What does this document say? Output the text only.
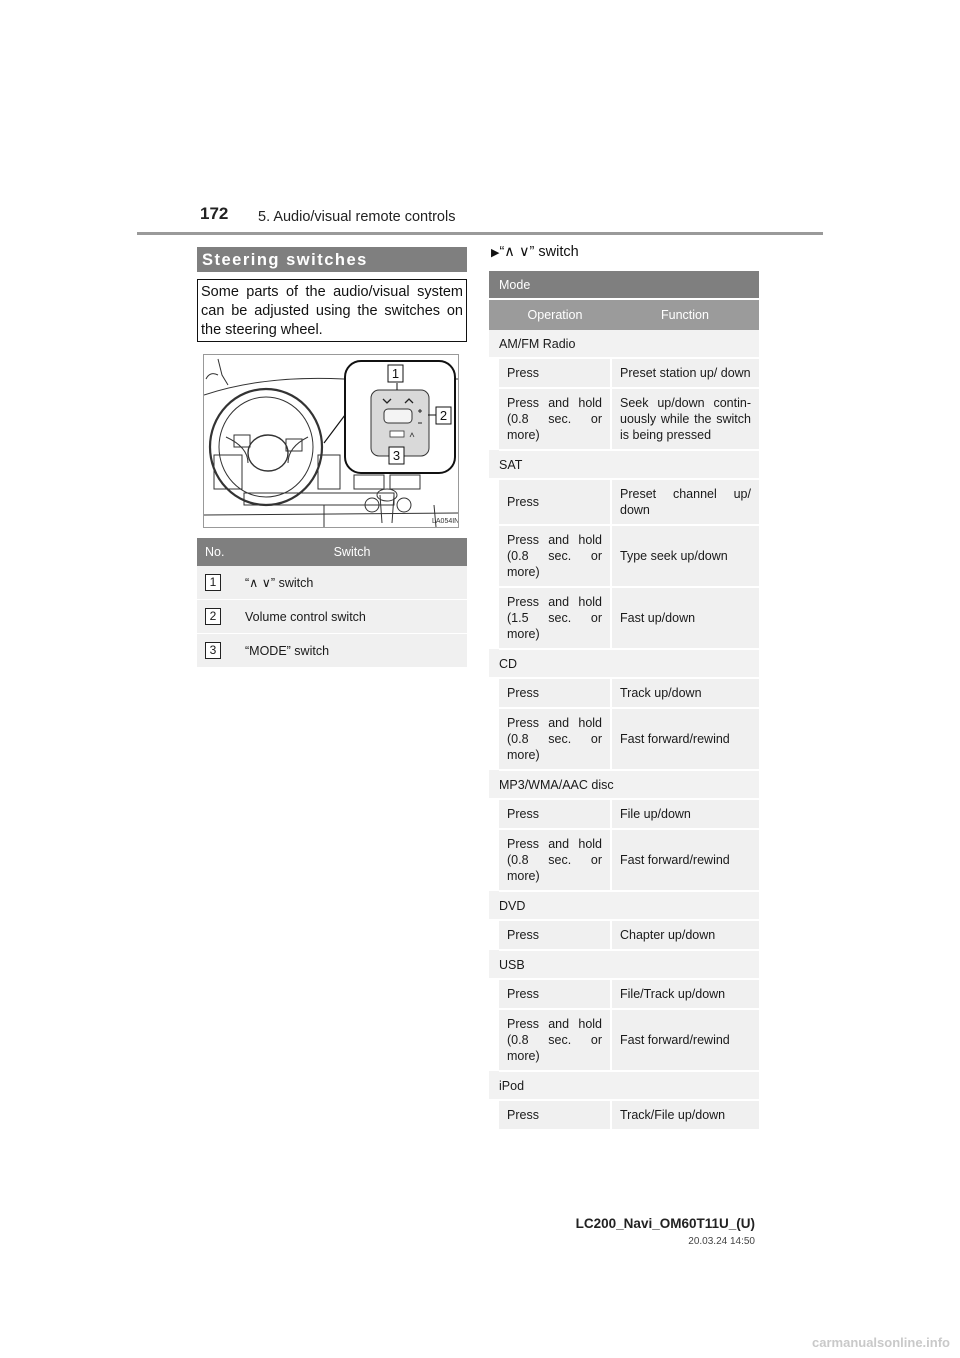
172 5. Audio/visual remote controls
Steering switches
Some parts of the audio/visual system can be adjusted using the switches on the steering wheel.
1
2
3
LA054IN
No.	Switch
1	“∧ ∨” switch
2	Volume control switch
3	“MODE” switch
▶“∧ ∨” switch
Mode		
	Operation	Function
AM/FM Radio		
	Press	Preset station up/ down
	Press and hold (0.8 sec. or more)	Seek up/down contin- uously while the switch is being pressed
SAT		
	Press	Preset channel up/ down
	Press and hold (0.8 sec. or more)	Type seek up/down
	Press and hold (1.5 sec. or more)	Fast up/down
CD		
	Press	Track up/down
	Press and hold (0.8 sec. or more)	Fast forward/rewind
MP3/WMA/AAC disc		
	Press	File up/down
	Press and hold (0.8 sec. or more)	Fast forward/rewind
DVD		
	Press	Chapter up/down
USB		
	Press	File/Track up/down
	Press and hold (0.8 sec. or more)	Fast forward/rewind
iPod		
	Press	Track/File up/down
LC200_Navi_OM60T11U_(U)
20.03.24 14:50
carmanualsonline.info
